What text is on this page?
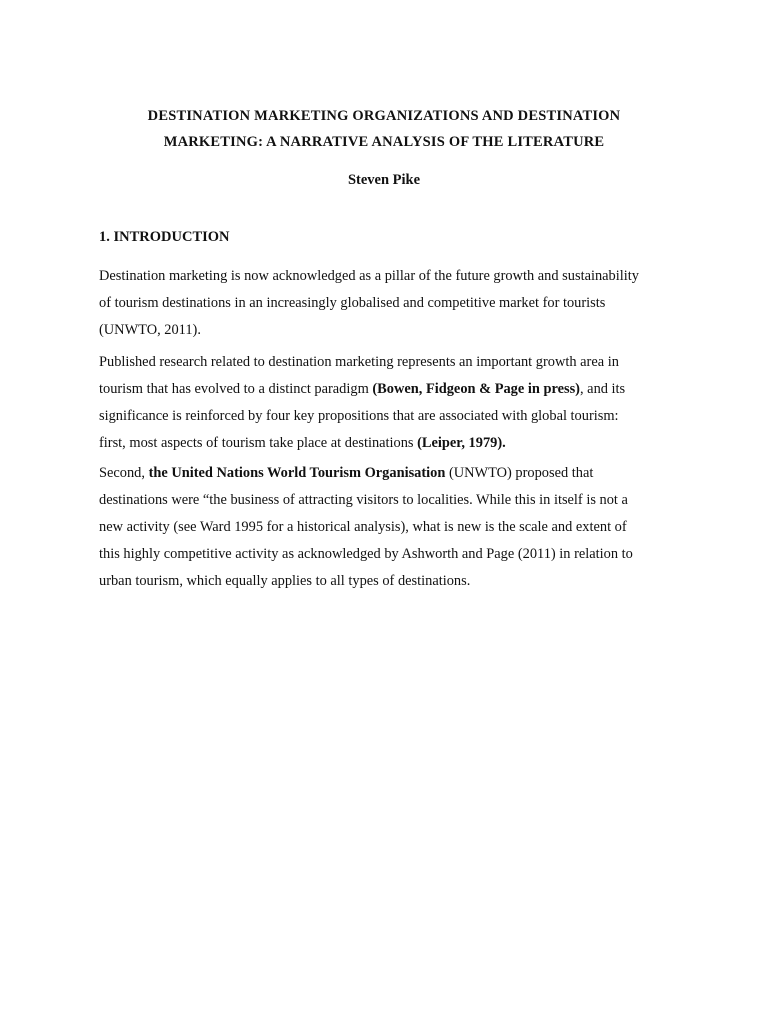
DESTINATION MARKETING ORGANIZATIONS AND DESTINATION
MARKETING: A NARRATIVE ANALYSIS OF THE LITERATURE

Steven Pike

1. INTRODUCTION

Destination marketing is now acknowledged as a pillar of the future growth and sustainability
of tourism destinations in an increasingly globalised and competitive market for tourists
(UNWTO, 2011).

Published research related to destination marketing represents an important growth area in
tourism that has evolved to a distinct paradigm (Bowen, Fidgeon & Page in press), and its
significance is reinforced by four key propositions that are associated with global tourism:
first, most aspects of tourism take place at destinations (Leiper, 1979).

Second, the United Nations World Tourism Organisation (UNWTO) proposed that
destinations were “the business of attracting visitors to localities. While this in itself is not a
new activity (see Ward 1995 for a historical analysis), what is new is the scale and extent of
this highly competitive activity as acknowledged by Ashworth and Page (2011) in relation to
urban tourism, which equally applies to all types of destinations.
